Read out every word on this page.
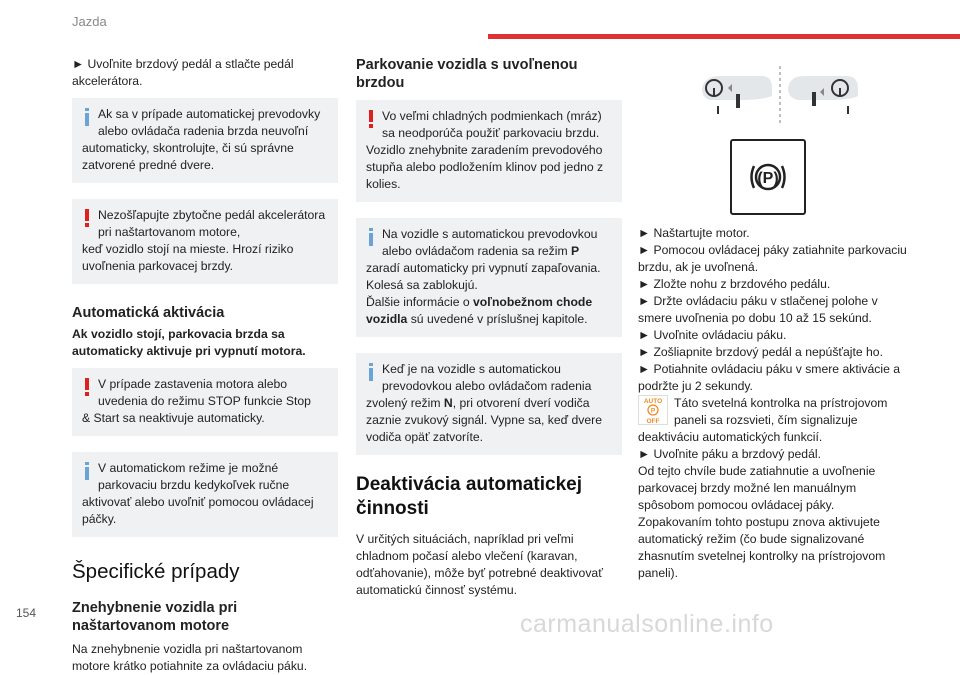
Jazda

► Uvoľnite brzdový pedál a stlačte pedál akcelerátora.

Ak sa v prípade automatickej prevodovky alebo ovládača radenia brzda neuvoľní

automaticky, skontrolujte, či sú správne zatvorené predné dvere.

Nezošľapujte zbytočne pedál akcelerátora pri naštartovanom motore,

keď vozidlo stojí na mieste. Hrozí riziko uvoľnenia parkovacej brzdy.

Automatická aktivácia

Ak vozidlo stojí, parkovacia brzda sa automaticky aktivuje pri vypnutí motora.

V prípade zastavenia motora alebo uvedenia do režimu STOP funkcie Stop

& Start sa neaktivuje automaticky.

V automatickom režime je možné parkovaciu brzdu kedykoľvek ručne

aktivovať alebo uvoľniť pomocou ovládacej páčky.

Špecifické prípady
Znehybnenie vozidla pri naštartovanom motore

Na znehybnenie vozidla pri naštartovanom motore krátko potiahnite za ovládaciu páku.

Parkovanie vozidla s uvoľnenou brzdou

Vo veľmi chladných podmienkach (mráz) sa neodporúča použiť parkovaciu brzdu.

Vozidlo znehybnite zaradením prevodového stupňa alebo podložením klinov pod jedno z kolies.

Na vozidle s automatickou prevodovkou alebo ovládačom radenia sa režim P

zaradí automaticky pri vypnutí zapaľovania.

Kolesá sa zablokujú.

Ďalšie informácie o voľnobežnom chode vozidla sú uvedené v príslušnej kapitole.

Keď je na vozidle s automatickou prevodovkou alebo ovládačom radenia

zvolený režim N, pri otvorení dverí vodiča zaznie zvukový signál. Vypne sa, keď dvere vodiča opäť zatvoríte.

Deaktivácia automatickej činnosti

V určitých situáciách, napríklad pri veľmi chladnom počasí alebo vlečení (karavan, odťahovanie), môže byť potrebné deaktivovať automatickú činnosť systému.

(P)

► Naštartujte motor.

► Pomocou ovládacej páky zatiahnite parkovaciu brzdu, ak je uvoľnená.

► Zložte nohu z brzdového pedálu.

► Držte ovládaciu páku v stlačenej polohe v smere uvoľnenia po dobu 10 až 15 sekúnd.

► Uvoľnite ovládaciu páku.

► Zošliapnite brzdový pedál a nepúšťajte ho.

► Potiahnite ovládaciu páku v smere aktivácie a podržte ju 2 sekundy.

AUTO
P
OFF

Táto svetelná kontrolka na prístrojovom paneli sa rozsvieti, čím signalizuje deaktiváciu automatických funkcií.

► Uvoľnite páku a brzdový pedál.

Od tejto chvíle bude zatiahnutie a uvoľnenie parkovacej brzdy možné len manuálnym spôsobom pomocou ovládacej páky. Zopakovaním tohto postupu znova aktivujete automatický režim (čo bude signalizované zhasnutím svetelnej kontrolky na prístrojovom paneli).

154	carmanualsonline.info
